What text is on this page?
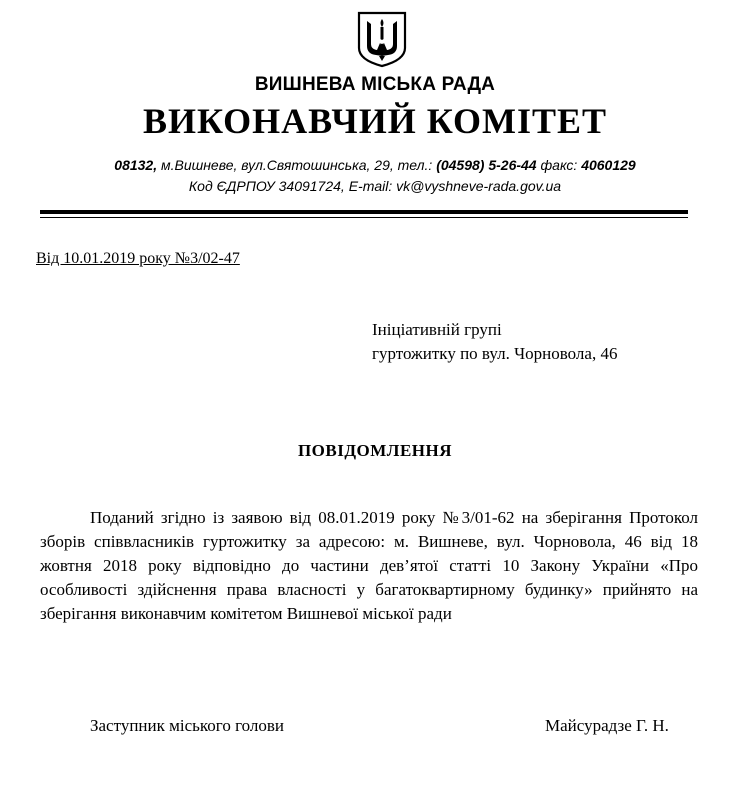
ВИШНЕВА МІСЬКА РАДА
ВИКОНАВЧИЙ КОМІТЕТ
08132, м.Вишневе, вул.Святошинська, 29, тел.: (04598) 5-26-44 факс: 4060129
Код ЄДРПОУ 34091724, E-mail: vk@vyshneve-rada.gov.ua
Від 10.01.2019 року №3/02-47
Ініціативній групі
гуртожитку по вул. Чорновола, 46
ПОВІДОМЛЕННЯ

Поданий згідно із заявою від 08.01.2019 року №3/01-62 на зберігання Протокол зборів співвласників гуртожитку за адресою: м. Вишневе, вул. Чорновола, 46 від 18 жовтня 2018 року відповідно до частини дев’ятої статті 10 Закону України «Про особливості здійснення права власності у багатоквартирному будинку» прийнято на зберігання виконавчим комітетом Вишневої міської ради

Заступник міського голови	Майсурадзе Г. Н.
